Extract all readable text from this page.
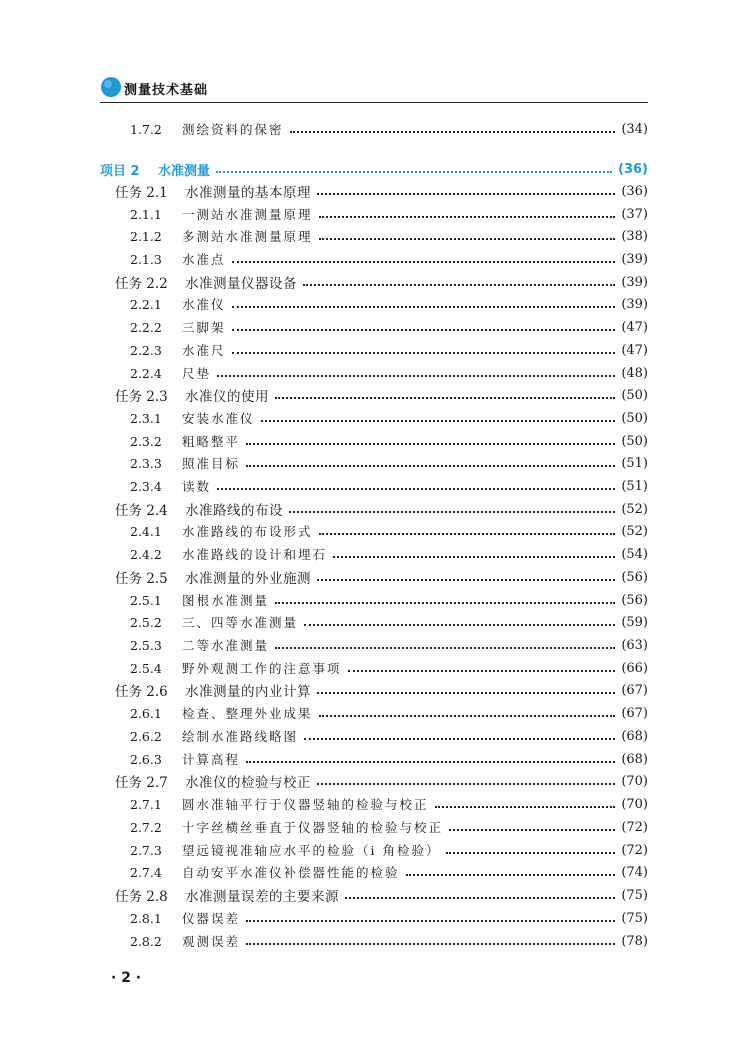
测量技术基础
1.7.2	测绘资料的保密	(34)
项目 2	水准测量	(36)
任务 2.1	水准测量的基本原理	(36)
2.1.1	一测站水准测量原理	(37)
2.1.2	多测站水准测量原理	(38)
2.1.3	水准点	(39)
任务 2.2	水准测量仪器设备	(39)
2.2.1	水准仪	(39)
2.2.2	三脚架	(47)
2.2.3	水准尺	(47)
2.2.4	尺垫	(48)
任务 2.3	水准仪的使用	(50)
2.3.1	安装水准仪	(50)
2.3.2	粗略整平	(50)
2.3.3	照准目标	(51)
2.3.4	读数	(51)
任务 2.4	水准路线的布设	(52)
2.4.1	水准路线的布设形式	(52)
2.4.2	水准路线的设计和埋石	(54)
任务 2.5	水准测量的外业施测	(56)
2.5.1	图根水准测量	(56)
2.5.2	三、四等水准测量	(59)
2.5.3	二等水准测量	(63)
2.5.4	野外观测工作的注意事项	(66)
任务 2.6	水准测量的内业计算	(67)
2.6.1	检查、整理外业成果	(67)
2.6.2	绘制水准路线略图	(68)
2.6.3	计算高程	(68)
任务 2.7	水准仪的检验与校正	(70)
2.7.1	圆水准轴平行于仪器竖轴的检验与校正	(70)
2.7.2	十字丝横丝垂直于仪器竖轴的检验与校正	(72)
2.7.3	望远镜视准轴应水平的检验（i 角检验）	(72)
2.7.4	自动安平水准仪补偿器性能的检验	(74)
任务 2.8	水准测量误差的主要来源	(75)
2.8.1	仪器误差	(75)
2.8.2	观测误差	(78)
· 2 ·
